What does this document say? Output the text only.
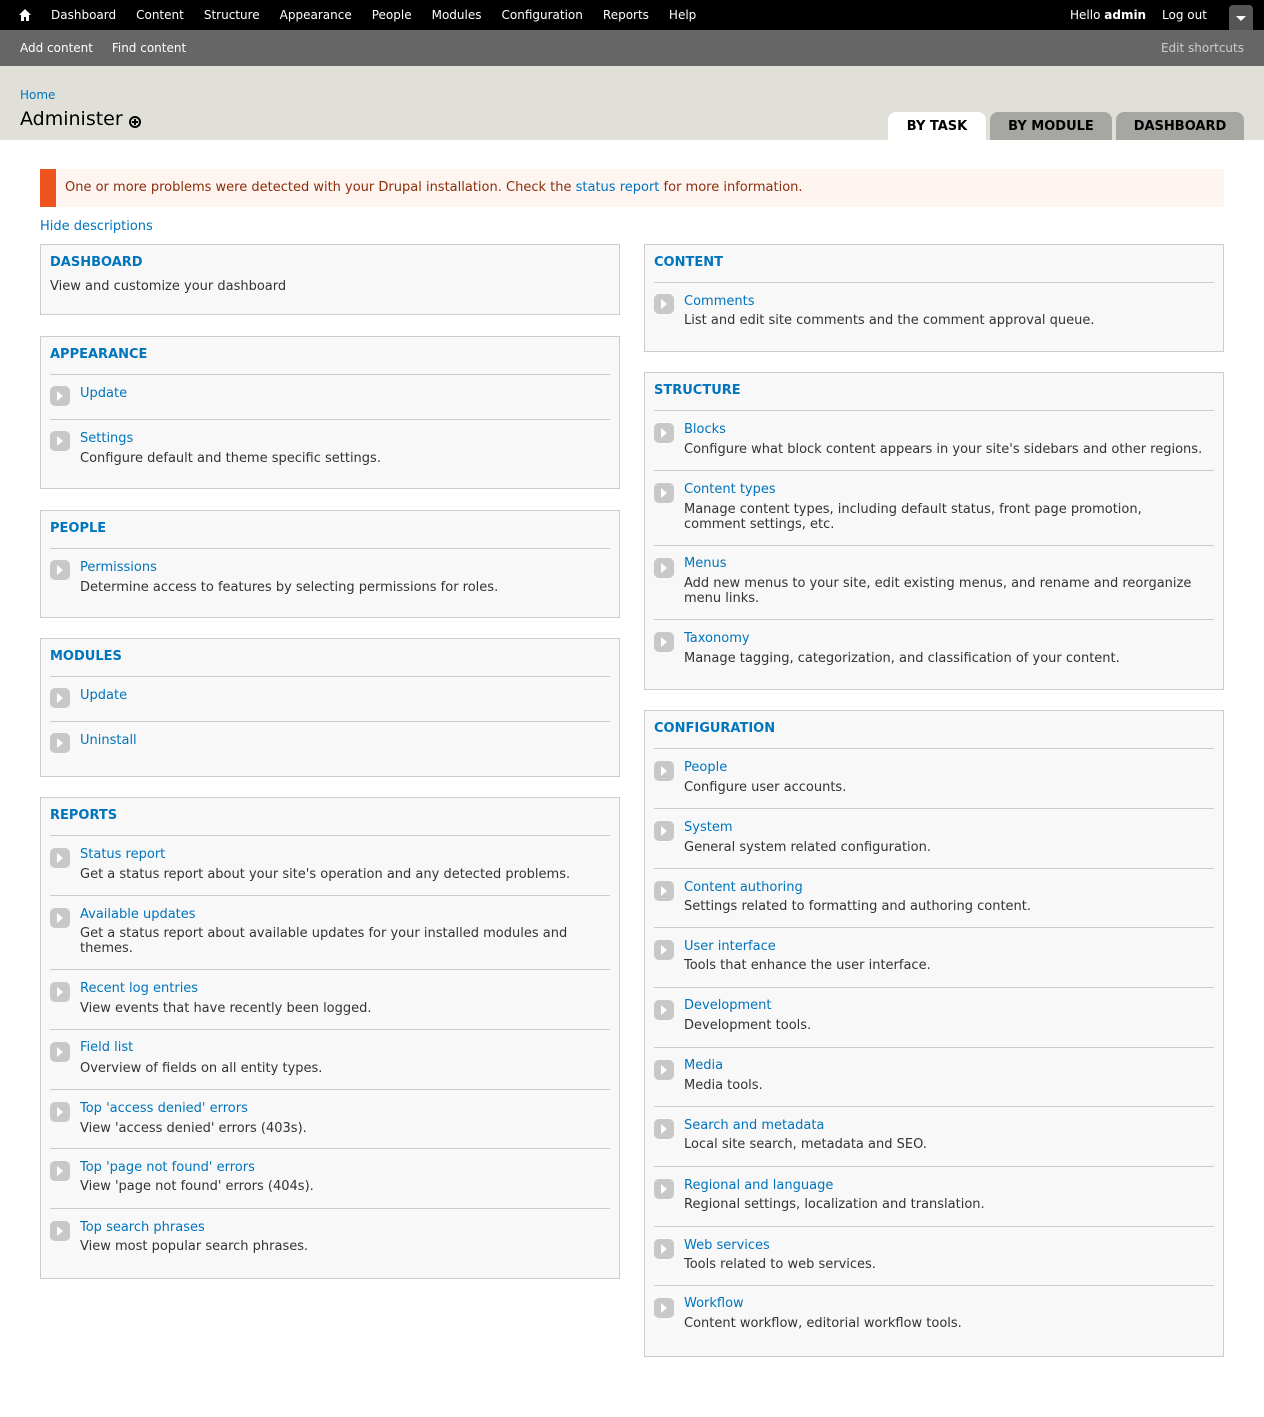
Dashboard	Content	Structure	Appearance	People	Modules	Configuration	Reports	Help	Hello admin Log out
Add content Find content	Edit shortcuts
Home
Administer	BY TASK	BY MODULE	DASHBOARD
One or more problems were detected with your Drupal installation. Check the status report for more information.
Hide descriptions
DASHBOARD
View and customize your dashboard
APPEARANCE
Update
Settings
Configure default and theme specific settings.
PEOPLE
Permissions
Determine access to features by selecting permissions for roles.
MODULES
Update
Uninstall
REPORTS
Status report
Get a status report about your site's operation and any detected problems.
Available updates
Get a status report about available updates for your installed modules and themes.
Recent log entries
View events that have recently been logged.
Field list
Overview of fields on all entity types.
Top 'access denied' errors
View 'access denied' errors (403s).
Top 'page not found' errors
View 'page not found' errors (404s).
Top search phrases
View most popular search phrases.
CONTENT
Comments
List and edit site comments and the comment approval queue.
STRUCTURE
Blocks
Configure what block content appears in your site's sidebars and other regions.
Content types
Manage content types, including default status, front page promotion, comment settings, etc.
Menus
Add new menus to your site, edit existing menus, and rename and reorganize menu links.
Taxonomy
Manage tagging, categorization, and classification of your content.
CONFIGURATION
People
Configure user accounts.
System
General system related configuration.
Content authoring
Settings related to formatting and authoring content.
User interface
Tools that enhance the user interface.
Development
Development tools.
Media
Media tools.
Search and metadata
Local site search, metadata and SEO.
Regional and language
Regional settings, localization and translation.
Web services
Tools related to web services.
Workflow
Content workflow, editorial workflow tools.
